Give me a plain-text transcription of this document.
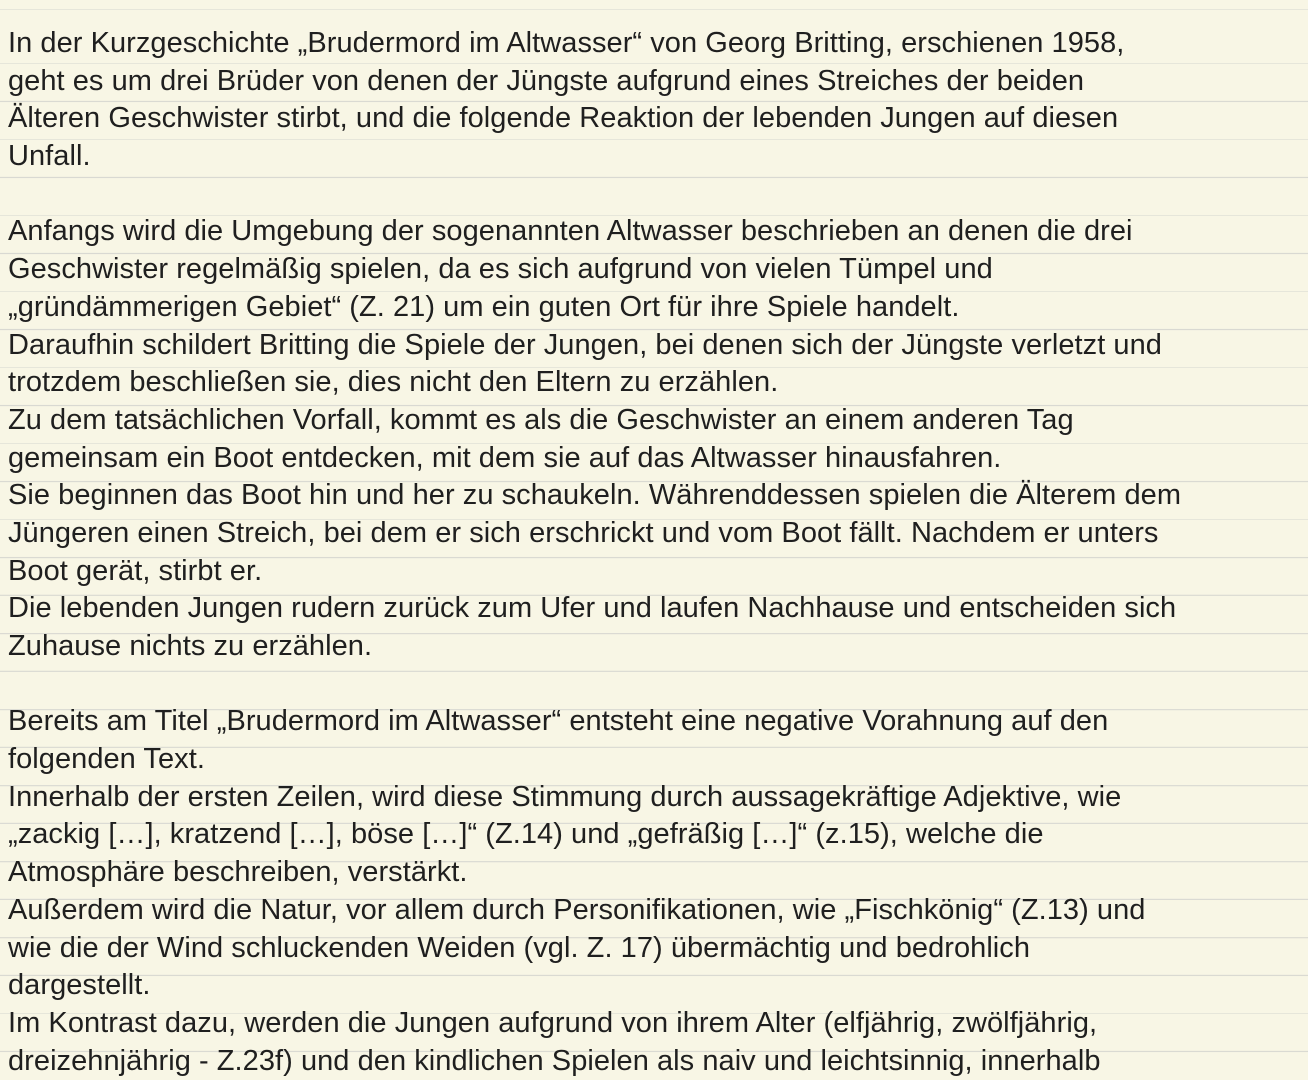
In der Kurzgeschichte „Brudermord im Altwasser“ von Georg Britting, erschienen 1958,
geht es um drei Brüder von denen der Jüngste aufgrund eines Streiches der beiden
Älteren Geschwister stirbt, und die folgende Reaktion der lebenden Jungen auf diesen
Unfall.
Anfangs wird die Umgebung der sogenannten Altwasser beschrieben an denen die drei
Geschwister regelmäßig spielen, da es sich aufgrund von vielen Tümpel und
„gründämmerigen Gebiet“ (Z. 21) um ein guten Ort für ihre Spiele handelt.
Daraufhin schildert Britting die Spiele der Jungen, bei denen sich der Jüngste verletzt und
trotzdem beschließen sie, dies nicht den Eltern zu erzählen.
Zu dem tatsächlichen Vorfall, kommt es als die Geschwister an einem anderen Tag
gemeinsam ein Boot entdecken, mit dem sie auf das Altwasser hinausfahren.
Sie beginnen das Boot hin und her zu schaukeln. Währenddessen spielen die Älterem dem
Jüngeren einen Streich, bei dem er sich erschrickt und vom Boot fällt. Nachdem er unters
Boot gerät, stirbt er.
Die lebenden Jungen rudern zurück zum Ufer und laufen Nachhause und entscheiden sich
Zuhause nichts zu erzählen.
Bereits am Titel „Brudermord im Altwasser“ entsteht eine negative Vorahnung auf den
folgenden Text.
Innerhalb der ersten Zeilen, wird diese Stimmung durch aussagekräftige Adjektive, wie
„zackig […], kratzend […], böse […]“ (Z.14) und „gefräßig […]“ (z.15), welche die
Atmosphäre beschreiben, verstärkt.
Außerdem wird die Natur, vor allem durch Personifikationen, wie „Fischkönig“ (Z.13) und
wie die der Wind schluckenden Weiden (vgl. Z. 17) übermächtig und bedrohlich
dargestellt.
Im Kontrast dazu, werden die Jungen aufgrund von ihrem Alter (elfjährig, zwölfjährig,
dreizehnjährig - Z.23f) und den kindlichen Spielen als naiv und leichtsinnig, innerhalb
